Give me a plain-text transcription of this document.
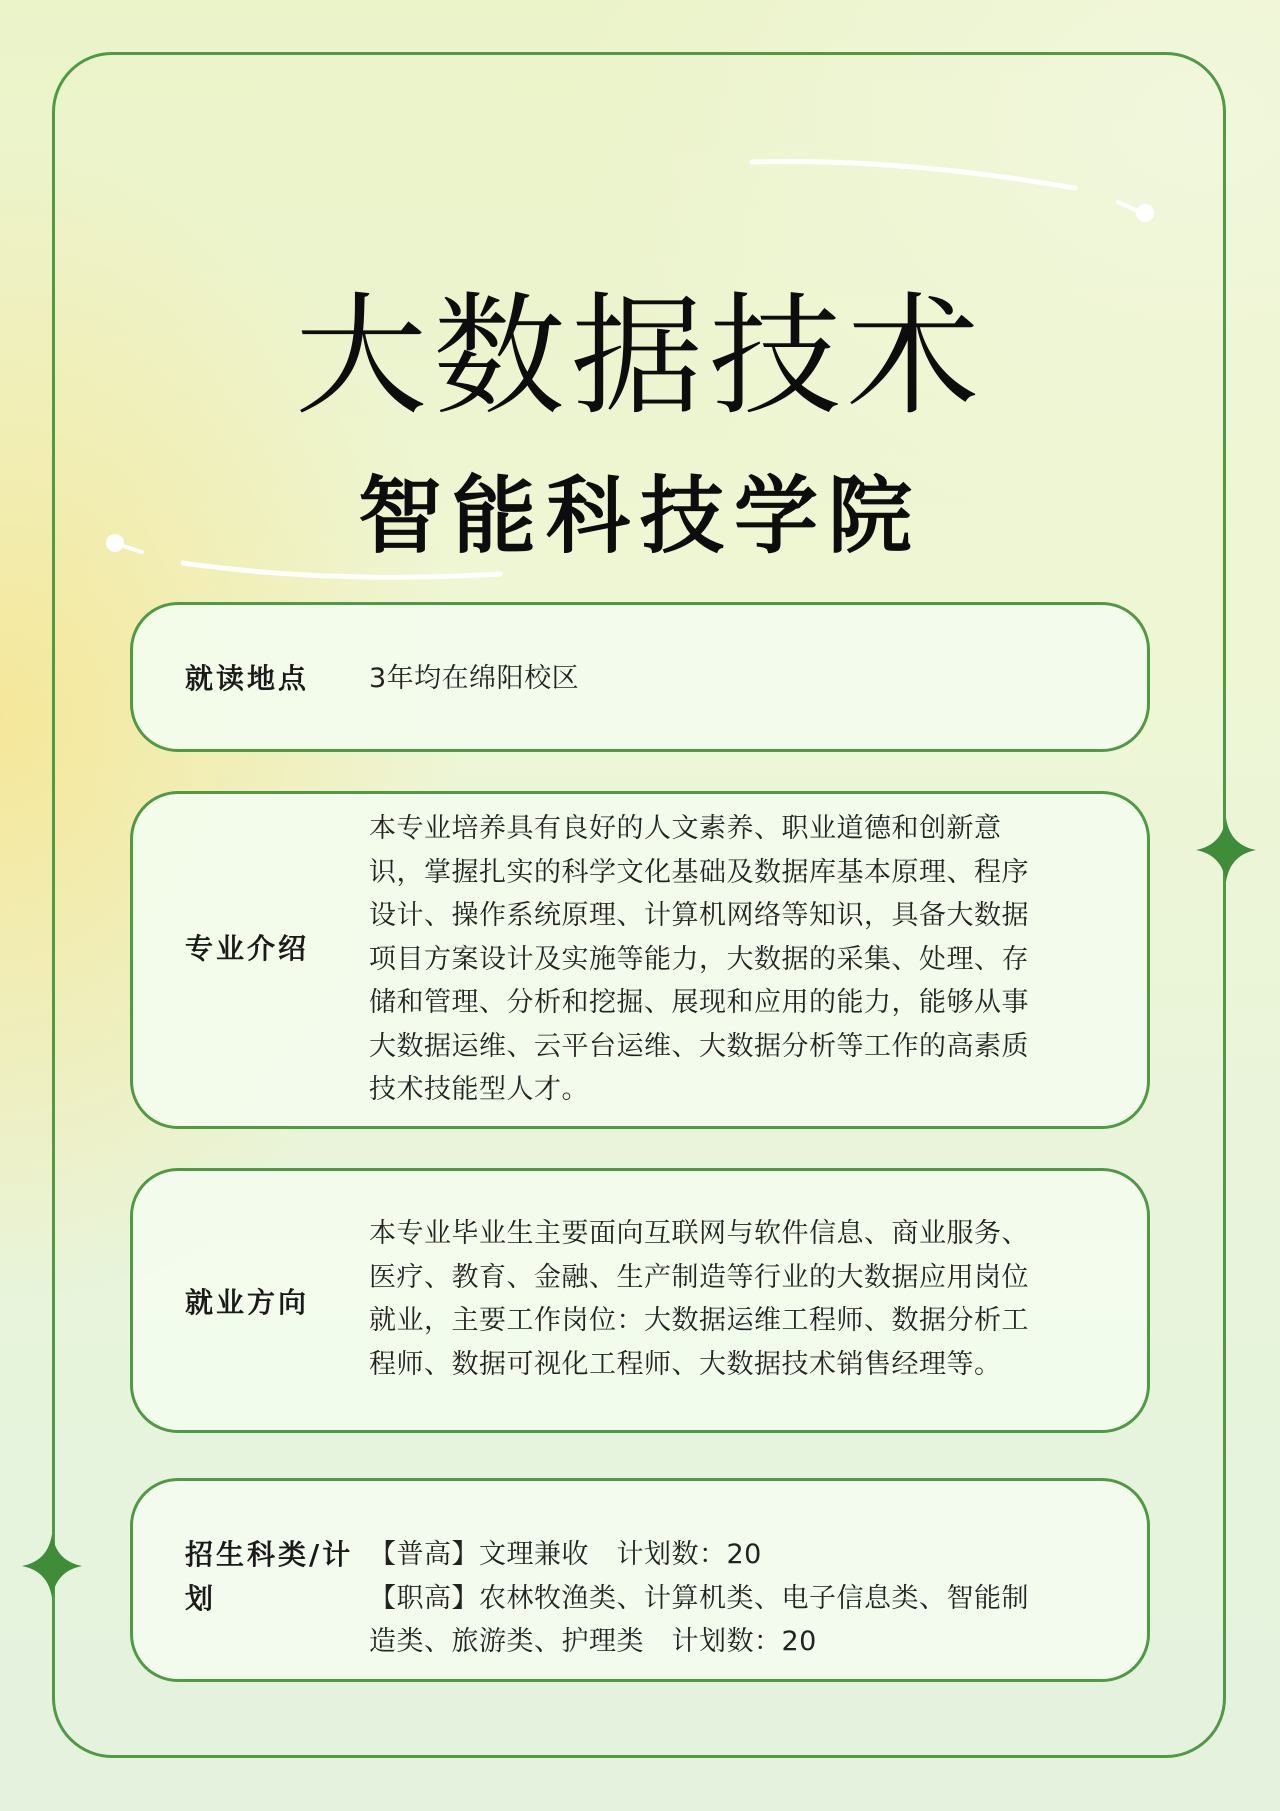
大数据技术
智能科技学院
就读地点	3年均在绵阳校区
专业介绍
本专业培养具有良好的人文素养、职业道德和创新意
识，掌握扎实的科学文化基础及数据库基本原理、程序
设计、操作系统原理、计算机网络等知识，具备大数据
项目方案设计及实施等能力，大数据的采集、处理、存
储和管理、分析和挖掘、展现和应用的能力，能够从事
大数据运维、云平台运维、大数据分析等工作的高素质
技术技能型人才。
就业方向
本专业毕业生主要面向互联网与软件信息、商业服务、
医疗、教育、金融、生产制造等行业的大数据应用岗位
就业，主要工作岗位：大数据运维工程师、数据分析工
程师、数据可视化工程师、大数据技术销售经理等。
招生科类/计划
【普高】文理兼收　计划数：20
【职高】农林牧渔类、计算机类、电子信息类、智能制
造类、旅游类、护理类　计划数：20
